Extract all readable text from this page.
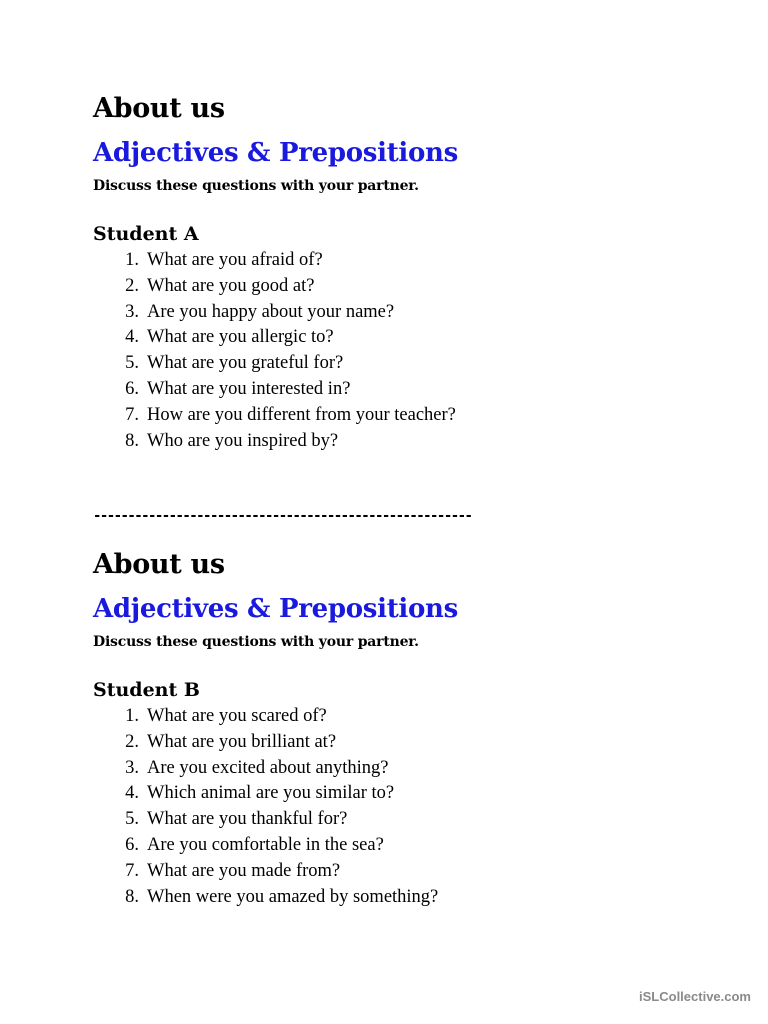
About us
Adjectives & Prepositions

Discuss these questions with your partner.

Student A
1. What are you afraid of?
2. What are you good at?
3. Are you happy about your name?
4. What are you allergic to?
5. What are you grateful for?
6. What are you interested in?
7. How are you different from your teacher?
8. Who are you inspired by?
-------------------------------------------------------
About us
Adjectives & Prepositions

Discuss these questions with your partner.

Student B
1. What are you scared of?
2. What are you brilliant at?
3. Are you excited about anything?
4. Which animal are you similar to?
5. What are you thankful for?
6. Are you comfortable in the sea?
7. What are you made from?
8. When were you amazed by something?
iSLCollective.com
